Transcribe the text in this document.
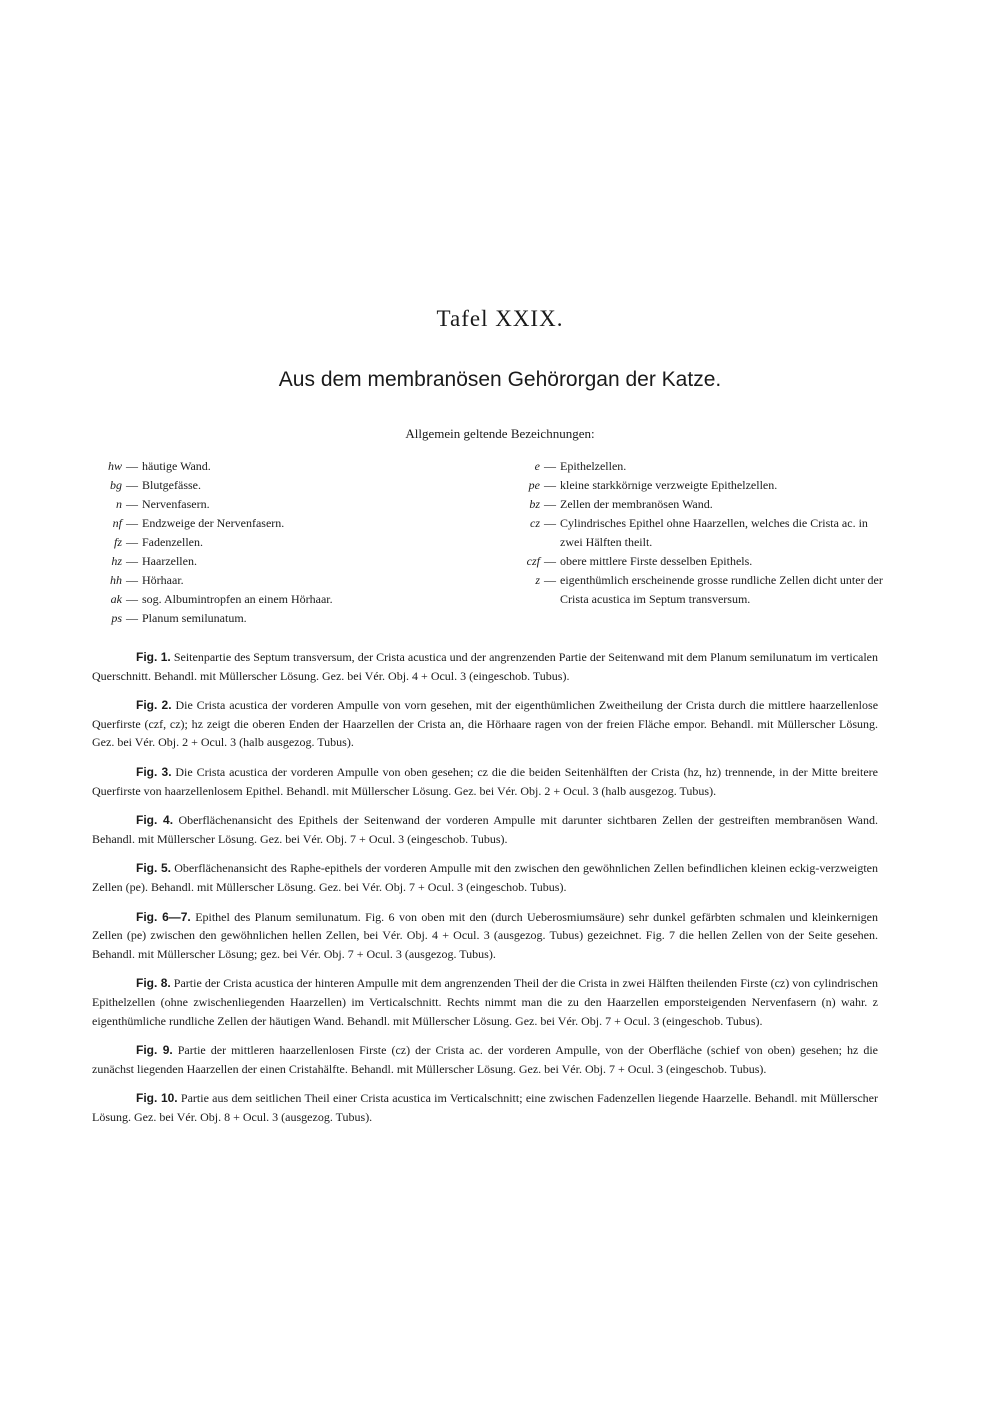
Tafel XXIX.
Aus dem membranösen Gehörorgan der Katze.
Allgemein geltende Bezeichnungen:
hw — häutige Wand.
bg — Blutgefässe.
n — Nervenfasern.
nf — Endzweige der Nervenfasern.
fz — Fadenzellen.
hz — Haarzellen.
hh — Hörhaar.
ak — sog. Albumintropfen an einem Hörhaar.
ps — Planum semilunatum.
e — Epithelzellen.
pe — kleine starkkörnige verzweigte Epithelzellen.
bz — Zellen der membranösen Wand.
cz — Cylindrisches Epithel ohne Haarzellen, welches die Crista ac. in zwei Hälften theilt.
czf — obere mittlere Firste desselben Epithels.
z — eigenthümlich erscheinende grosse rundliche Zellen dicht unter der Crista acustica im Septum transversum.

Fig. 1. Seitenpartie des Septum transversum, der Crista acustica und der angrenzenden Partie der Seitenwand mit dem Planum semilunatum im verticalen Querschnitt. Behandl. mit Müllerscher Lösung. Gez. bei Vér. Obj. 4 + Ocul. 3 (eingeschob. Tubus).

Fig. 2. Die Crista acustica der vorderen Ampulle von vorn gesehen, mit der eigenthümlichen Zweitheilung der Crista durch die mittlere haarzellenlose Querfirste (czf, cz); hz zeigt die oberen Enden der Haarzellen der Crista an, die Hörhaare ragen von der freien Fläche empor. Behandl. mit Müllerscher Lösung. Gez. bei Vér. Obj. 2 + Ocul. 3 (halb ausgezog. Tubus).

Fig. 3. Die Crista acustica der vorderen Ampulle von oben gesehen; cz die die beiden Seitenhälften der Crista (hz, hz) trennende, in der Mitte breitere Querfirste von haarzellenlosem Epithel. Behandl. mit Müllerscher Lösung. Gez. bei Vér. Obj. 2 + Ocul. 3 (halb ausgezog. Tubus).

Fig. 4. Oberflächenansicht des Epithels der Seitenwand der vorderen Ampulle mit darunter sichtbaren Zellen der gestreiften membranösen Wand. Behandl. mit Müllerscher Lösung. Gez. bei Vér. Obj. 7 + Ocul. 3 (eingeschob. Tubus).

Fig. 5. Oberflächenansicht des Raphe-epithels der vorderen Ampulle mit den zwischen den gewöhnlichen Zellen befindlichen kleinen eckig-verzweigten Zellen (pe). Behandl. mit Müllerscher Lösung. Gez. bei Vér. Obj. 7 + Ocul. 3 (eingeschob. Tubus).

Fig. 6—7. Epithel des Planum semilunatum. Fig. 6 von oben mit den (durch Ueberosmiumsäure) sehr dunkel gefärbten schmalen und kleinkernigen Zellen (pe) zwischen den gewöhnlichen hellen Zellen, bei Vér. Obj. 4 + Ocul. 3 (ausgezog. Tubus) gezeichnet. Fig. 7 die hellen Zellen von der Seite gesehen. Behandl. mit Müllerscher Lösung; gez. bei Vér. Obj. 7 + Ocul. 3 (ausgezog. Tubus).

Fig. 8. Partie der Crista acustica der hinteren Ampulle mit dem angrenzenden Theil der die Crista in zwei Hälften theilenden Firste (cz) von cylindrischen Epithelzellen (ohne zwischenliegenden Haarzellen) im Verticalschnitt. Rechts nimmt man die zu den Haarzellen emporsteigenden Nervenfasern (n) wahr. z eigenthümliche rundliche Zellen der häutigen Wand. Behandl. mit Müllerscher Lösung. Gez. bei Vér. Obj. 7 + Ocul. 3 (eingeschob. Tubus).

Fig. 9. Partie der mittleren haarzellenlosen Firste (cz) der Crista ac. der vorderen Ampulle, von der Oberfläche (schief von oben) gesehen; hz die zunächst liegenden Haarzellen der einen Cristahälfte. Behandl. mit Müllerscher Lösung. Gez. bei Vér. Obj. 7 + Ocul. 3 (eingeschob. Tubus).

Fig. 10. Partie aus dem seitlichen Theil einer Crista acustica im Verticalschnitt; eine zwischen Fadenzellen liegende Haarzelle. Behandl. mit Müllerscher Lösung. Gez. bei Vér. Obj. 8 + Ocul. 3 (ausgezog. Tubus).
